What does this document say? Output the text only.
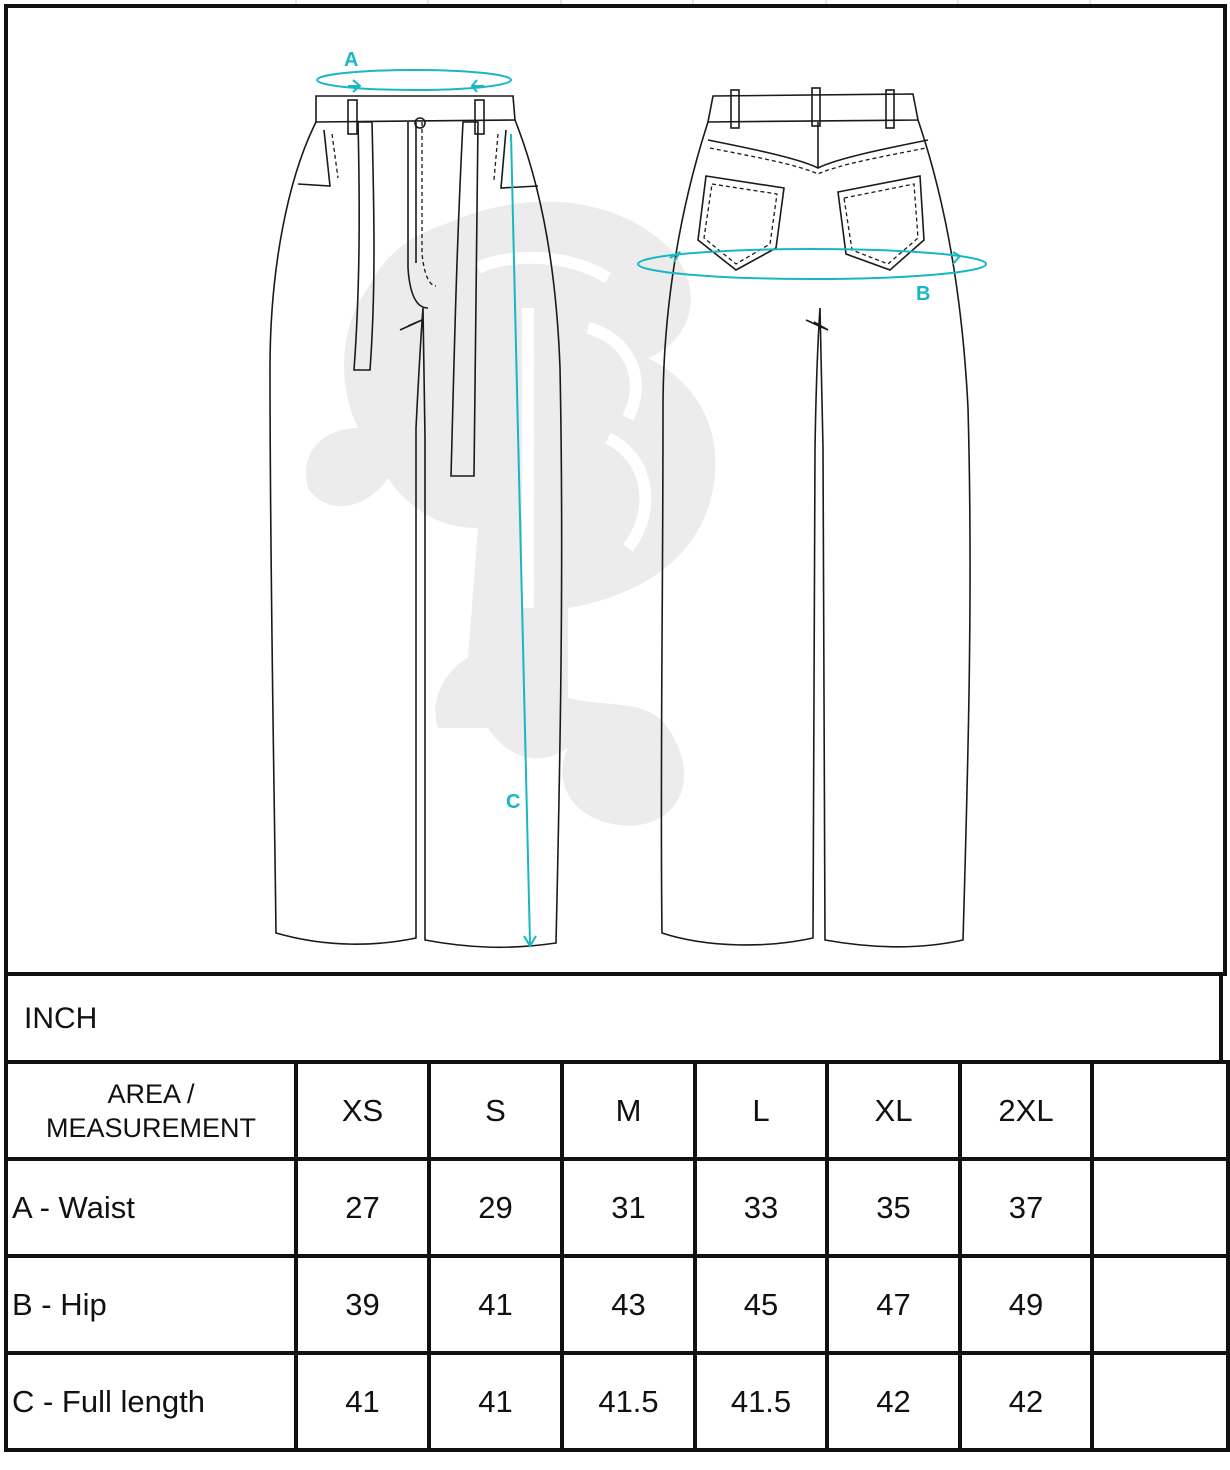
A
C
B
INCH
AREA /
MEASUREMENT	XS	S	M	L	XL	2XL	
A - Waist	27	29	31	33	35	37	
B - Hip	39	41	43	45	47	49	
C - Full length	41	41	41.5	41.5	42	42	
